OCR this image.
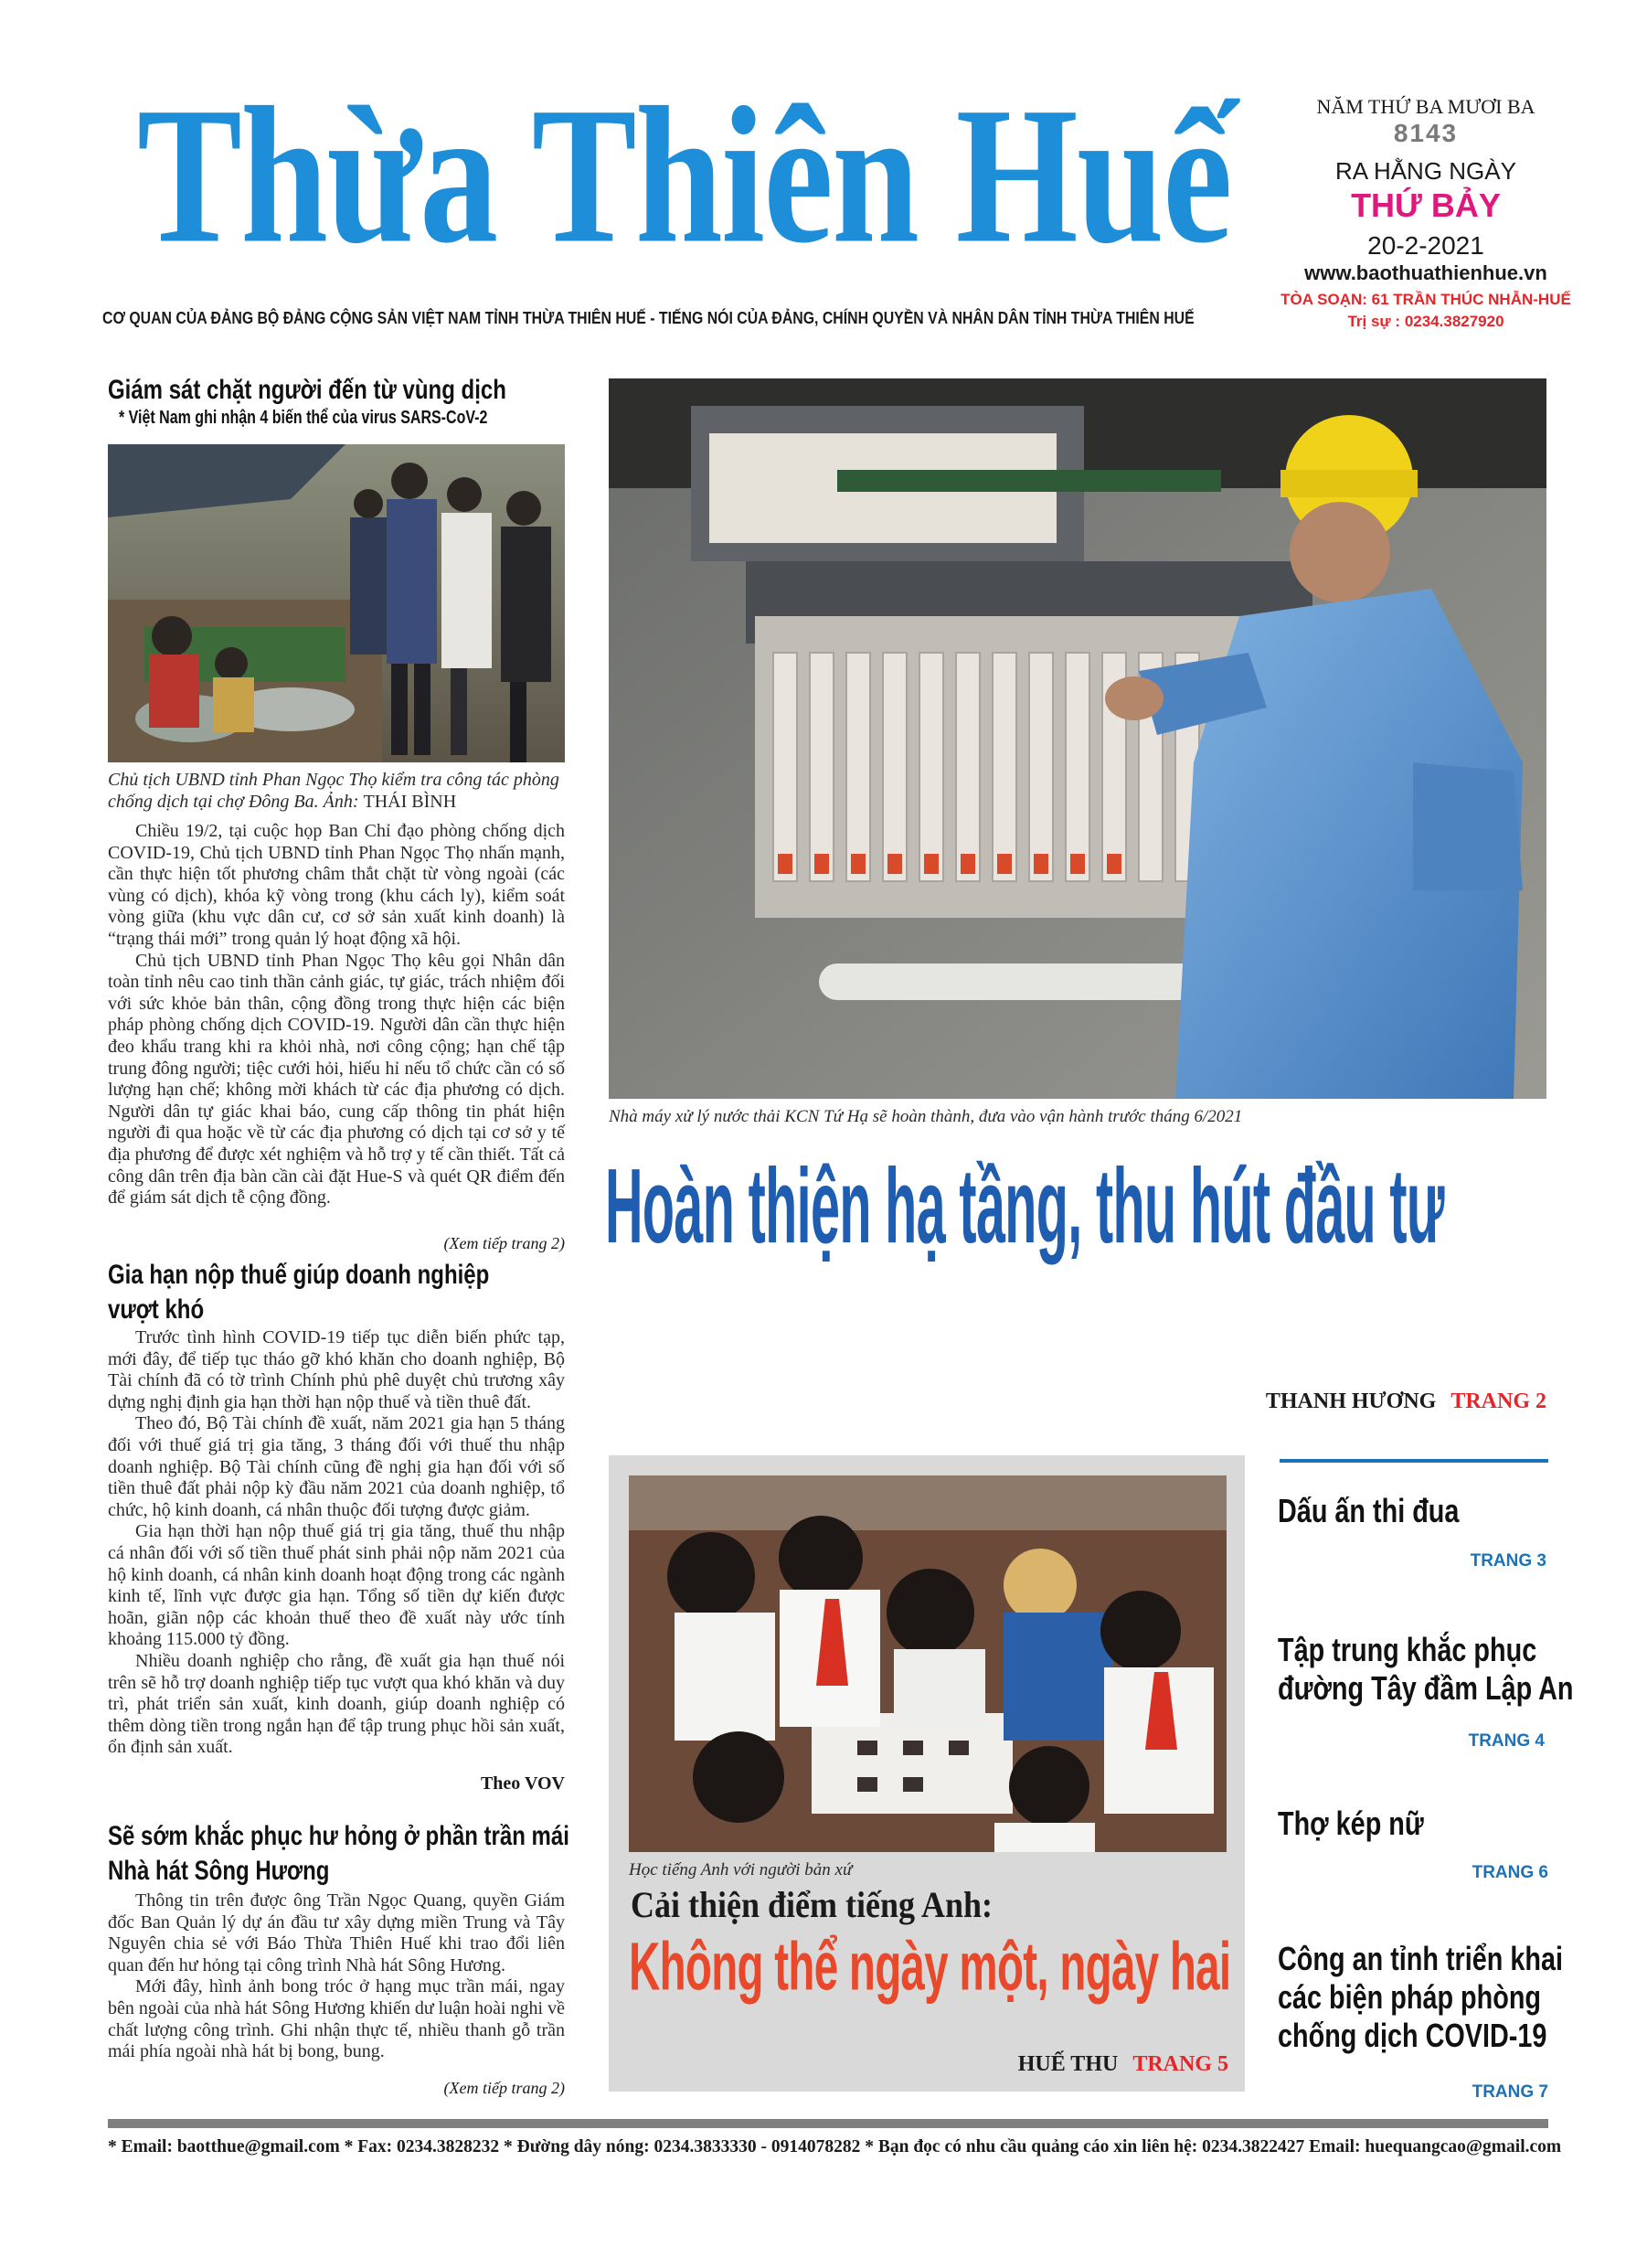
Thừa Thiên Huế	NĂM THỨ BA MƯƠI BA
8143
RA HẰNG NGÀY
THỨ BẢY
20-2-2021
www.baothuathienhue.vn
TÒA SOẠN: 61 TRẦN THÚC NHẪN-HUẾ
Trị sự : 0234.3827920
CƠ QUAN CỦA ĐẢNG BỘ ĐẢNG CỘNG SẢN VIỆT NAM TỈNH THỪA THIÊN HUẾ - TIẾNG NÓI CỦA ĐẢNG, CHÍNH QUYỀN VÀ NHÂN DÂN TỈNH THỪA THIÊN HUẾ
Giám sát chặt người đến từ vùng dịch
* Việt Nam ghi nhận 4 biến thể của virus SARS-CoV-2
Chủ tịch UBND tỉnh Phan Ngọc Thọ kiểm tra công tác phòng chống dịch tại chợ Đông Ba. Ảnh: THÁI BÌNH

Chiều 19/2, tại cuộc họp Ban Chỉ đạo phòng chống dịch COVID-19, Chủ tịch UBND tỉnh Phan Ngọc Thọ nhấn mạnh, cần thực hiện tốt phương châm thắt chặt từ vòng ngoài (các vùng có dịch), khóa kỹ vòng trong (khu cách ly), kiểm soát vòng giữa (khu vực dân cư, cơ sở sản xuất kinh doanh) là “trạng thái mới” trong quản lý hoạt động xã hội.

Chủ tịch UBND tỉnh Phan Ngọc Thọ kêu gọi Nhân dân toàn tỉnh nêu cao tinh thần cảnh giác, tự giác, trách nhiệm đối với sức khỏe bản thân, cộng đồng trong thực hiện các biện pháp phòng chống dịch COVID-19. Người dân cần thực hiện đeo khẩu trang khi ra khỏi nhà, nơi công cộng; hạn chế tập trung đông người; tiệc cưới hỏi, hiếu hỉ nếu tổ chức cần có số lượng hạn chế; không mời khách từ các địa phương có dịch. Người dân tự giác khai báo, cung cấp thông tin phát hiện người đi qua hoặc về từ các địa phương có dịch tại cơ sở y tế địa phương để được xét nghiệm và hỗ trợ y tế cần thiết. Tất cả công dân trên địa bàn cần cài đặt Hue-S và quét QR điểm đến để giám sát dịch tễ cộng đồng.

(Xem tiếp trang 2)
Gia hạn nộp thuế giúp doanh nghiệp
vượt khó

Trước tình hình COVID-19 tiếp tục diễn biến phức tạp, mới đây, để tiếp tục tháo gỡ khó khăn cho doanh nghiệp, Bộ Tài chính đã có tờ trình Chính phủ phê duyệt chủ trương xây dựng nghị định gia hạn thời hạn nộp thuế và tiền thuê đất.

Theo đó, Bộ Tài chính đề xuất, năm 2021 gia hạn 5 tháng đối với thuế giá trị gia tăng, 3 tháng đối với thuế thu nhập doanh nghiệp. Bộ Tài chính cũng đề nghị gia hạn đối với số tiền thuê đất phải nộp kỳ đầu năm 2021 của doanh nghiệp, tổ chức, hộ kinh doanh, cá nhân thuộc đối tượng được giảm.

Gia hạn thời hạn nộp thuế giá trị gia tăng, thuế thu nhập cá nhân đối với số tiền thuế phát sinh phải nộp năm 2021 của hộ kinh doanh, cá nhân kinh doanh hoạt động trong các ngành kinh tế, lĩnh vực được gia hạn. Tổng số tiền dự kiến được hoãn, giãn nộp các khoản thuế theo đề xuất này ước tính khoảng 115.000 tỷ đồng.

Nhiều doanh nghiệp cho rằng, đề xuất gia hạn thuế nói trên sẽ hỗ trợ doanh nghiệp tiếp tục vượt qua khó khăn và duy trì, phát triển sản xuất, kinh doanh, giúp doanh nghiệp có thêm dòng tiền trong ngắn hạn để tập trung phục hồi sản xuất, ổn định sản xuất.

Theo VOV
Sẽ sớm khắc phục hư hỏng ở phần trần mái
Nhà hát Sông Hương

Thông tin trên được ông Trần Ngọc Quang, quyền Giám đốc Ban Quản lý dự án đầu tư xây dựng miền Trung và Tây Nguyên chia sẻ với Báo Thừa Thiên Huế khi trao đổi liên quan đến hư hỏng tại công trình Nhà hát Sông Hương.

Mới đây, hình ảnh bong tróc ở hạng mục trần mái, ngay bên ngoài của nhà hát Sông Hương khiến dư luận hoài nghi về chất lượng công trình. Ghi nhận thực tế, nhiều thanh gỗ trần mái phía ngoài nhà hát bị bong, bung.

(Xem tiếp trang 2)
Nhà máy xử lý nước thải KCN Tứ Hạ sẽ hoàn thành, đưa vào vận hành trước tháng 6/2021
Hoàn thiện hạ tầng, thu hút đầu tư
THANH HƯƠNG TRANG 2
Học tiếng Anh với người bản xứ
Cải thiện điểm tiếng Anh:
Không thể ngày một, ngày hai
HUẾ THU TRANG 5
Dấu ấn thi đua
TRANG 3
Tập trung khắc phục
đường Tây đầm Lập An
TRANG 4
Thợ kép nữ
TRANG 6
Công an tỉnh triển khai
các biện pháp phòng
chống dịch COVID-19
TRANG 7
* Email: baotthue@gmail.com * Fax: 0234.3828232 * Đường dây nóng: 0234.3833330 - 0914078282 * Bạn đọc có nhu cầu quảng cáo xin liên hệ: 0234.3822427 Email: huequangcao@gmail.com
